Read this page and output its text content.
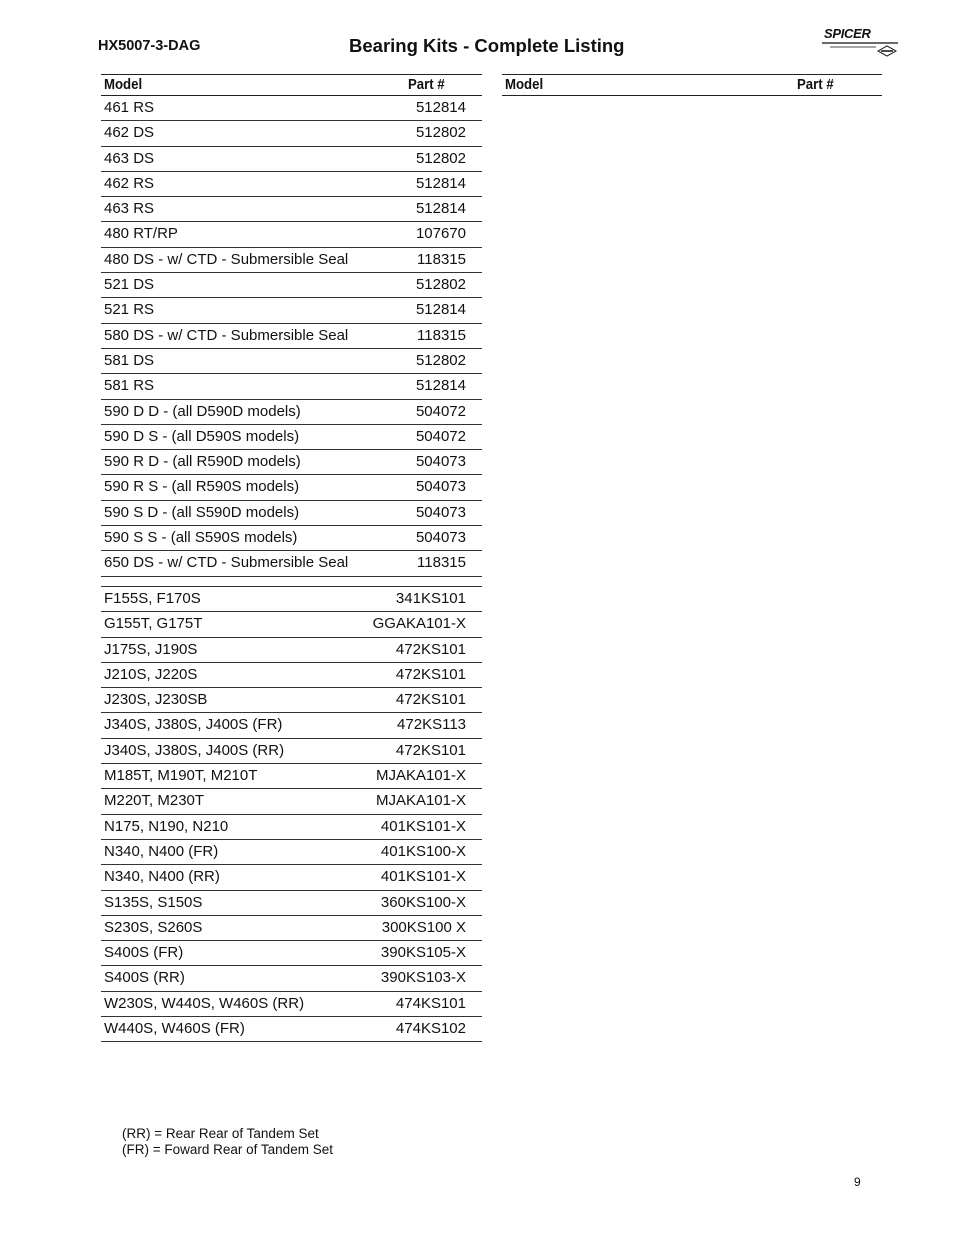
HX5007-3-DAG	Bearing Kits - Complete Listing
SPICER
Model	Part #
461 RS	512814
462 DS	512802
463 DS	512802
462 RS	512814
463 RS	512814
480 RT/RP	107670
480 DS - w/ CTD - Submersible Seal	118315
521 DS	512802
521 RS	512814
580 DS - w/ CTD - Submersible Seal	118315
581 DS	512802
581 RS	512814
590 D D - (all D590D models)	504072
590 D S - (all D590S models)	504072
590 R D - (all R590D models)	504073
590 R S - (all R590S models)	504073
590 S D - (all S590D models)	504073
590 S S - (all S590S models)	504073
650 DS - w/ CTD - Submersible Seal	118315
Model	Part #
F155S, F170S	341KS101
G155T, G175T	GGAKA101-X
J175S, J190S	472KS101
J210S, J220S	472KS101
J230S, J230SB	472KS101
J340S, J380S, J400S (FR)	472KS113
J340S, J380S, J400S (RR)	472KS101
M185T, M190T, M210T	MJAKA101-X
M220T, M230T	MJAKA101-X
N175, N190, N210	401KS101-X
N340, N400 (FR)	401KS100-X
N340, N400 (RR)	401KS101-X
S135S, S150S	360KS100-X
S230S, S260S	300KS100 X
S400S (FR)	390KS105-X
S400S (RR)	390KS103-X
W230S, W440S, W460S (RR)	474KS101
W440S, W460S (FR)	474KS102
(RR) = Rear Rear of Tandem Set
(FR) = Foward Rear of Tandem Set
9
